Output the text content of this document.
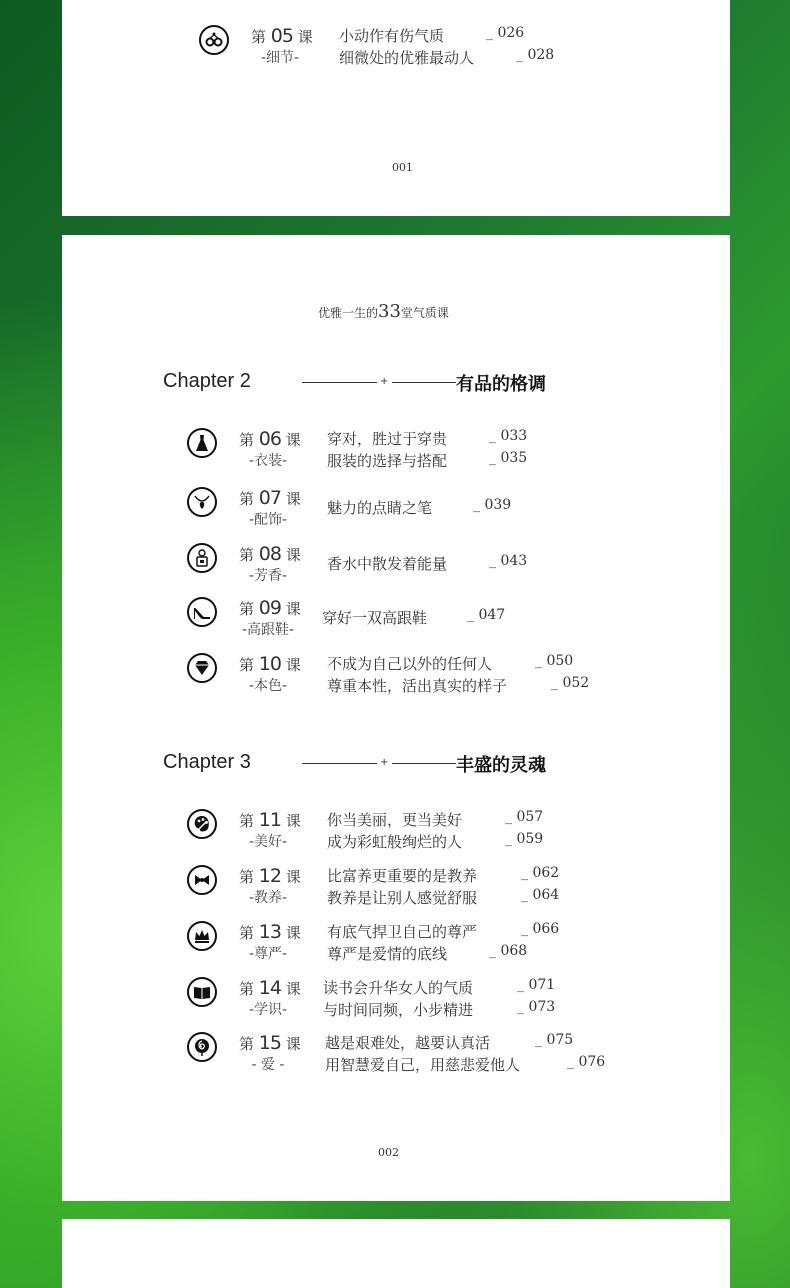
第 05 课
-细节-
小动作有伤气质	_ 026
细微处的优雅最动人	_ 028
001
优雅一生的33堂气质课
Chapter 2	+	有品的格调
第 06 课
-衣装-
穿对，胜过于穿贵	_ 033
服装的选择与搭配	_ 035
第 07 课
-配饰-
魅力的点睛之笔	_ 039
第 08 课
-芳香-
香水中散发着能量	_ 043
第 09 课
-高跟鞋-
穿好一双高跟鞋	_ 047
第 10 课
-本色-
不成为自己以外的任何人	_ 050
尊重本性，活出真实的样子	_ 052
Chapter 3	+	丰盛的灵魂
第 11 课
-美好-
你当美丽，更当美好	_ 057
成为彩虹般绚烂的人	_ 059
第 12 课
-教养-
比富养更重要的是教养	_ 062
教养是让别人感觉舒服	_ 064
第 13 课
-尊严-
有底气捍卫自己的尊严	_ 066
尊严是爱情的底线	_ 068
第 14 课
-学识-
读书会升华女人的气质	_ 071
与时间同频，小步精进	_ 073
第 15 课
- 爱 -
越是艰难处，越要认真活	_ 075
用智慧爱自己，用慈悲爱他人	_ 076
002
